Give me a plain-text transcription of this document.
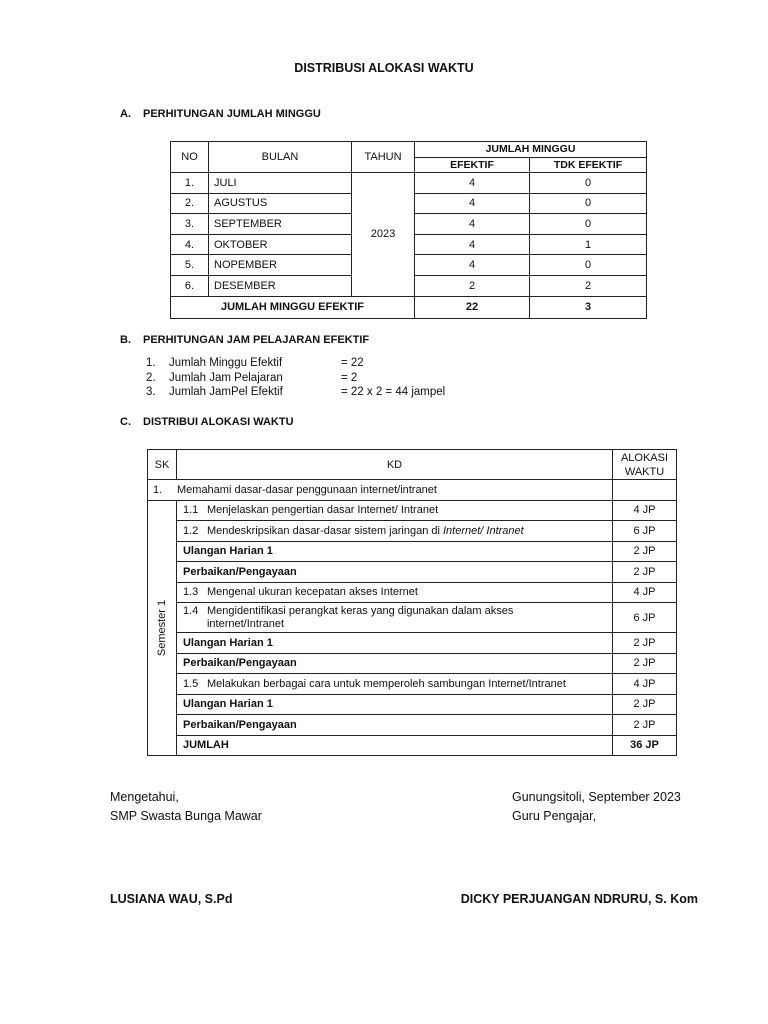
DISTRIBUSI ALOKASI WAKTU
A. PERHITUNGAN JUMLAH MINGGU
NO	BULAN	TAHUN	JUMLAH MINGGU	
			EFEKTIF	TDK EFEKTIF
1.	JULI	2023	4	0
2.	AGUSTUS		4	0
3.	SEPTEMBER		4	0
4.	OKTOBER		4	1
5.	NOPEMBER		4	0
6.	DESEMBER		2	2
JUMLAH MINGGU EFEKTIF			22	3
B. PERHITUNGAN JAM PELAJARAN EFEKTIF
1. Jumlah Minggu Efektif	= 22
2. Jumlah Jam Pelajaran	= 2
3. Jumlah JamPel Efektif	= 22 x 2 = 44 jampel
C. DISTRIBUI ALOKASI WAKTU
SK	KD	ALOKASI
WAKTU

1. Memahami dasar-dasar penggunaan internet/intranet		

Semester 1	1.1 Menjelaskan pengertian dasar Internet/ Intranet	4 JP
	1.2 Mendeskripsikan dasar-dasar sistem jaringan di Internet/ Intranet	6 JP
	Ulangan Harian 1	2 JP
	Perbaikan/Pengayaan	2 JP
	1.3 Mengenal ukuran kecepatan akses Internet	4 JP

	1.4 Mengidentifikasi perangkat keras yang digunakan dalam akses
internet/Intranet	6 JP
	Ulangan Harian 1	2 JP
	Perbaikan/Pengayaan	2 JP
	1.5 Melakukan berbagai cara untuk memperoleh sambungan Internet/Intranet	4 JP
	Ulangan Harian 1	2 JP
	Perbaikan/Pengayaan	2 JP
	JUMLAH	36 JP
Mengetahui,
SMP Swasta Bunga Mawar
LUSIANA WAU, S.Pd
Gunungsitoli, September 2023
Guru Pengajar,
DICKY PERJUANGAN NDRURU, S. Kom
